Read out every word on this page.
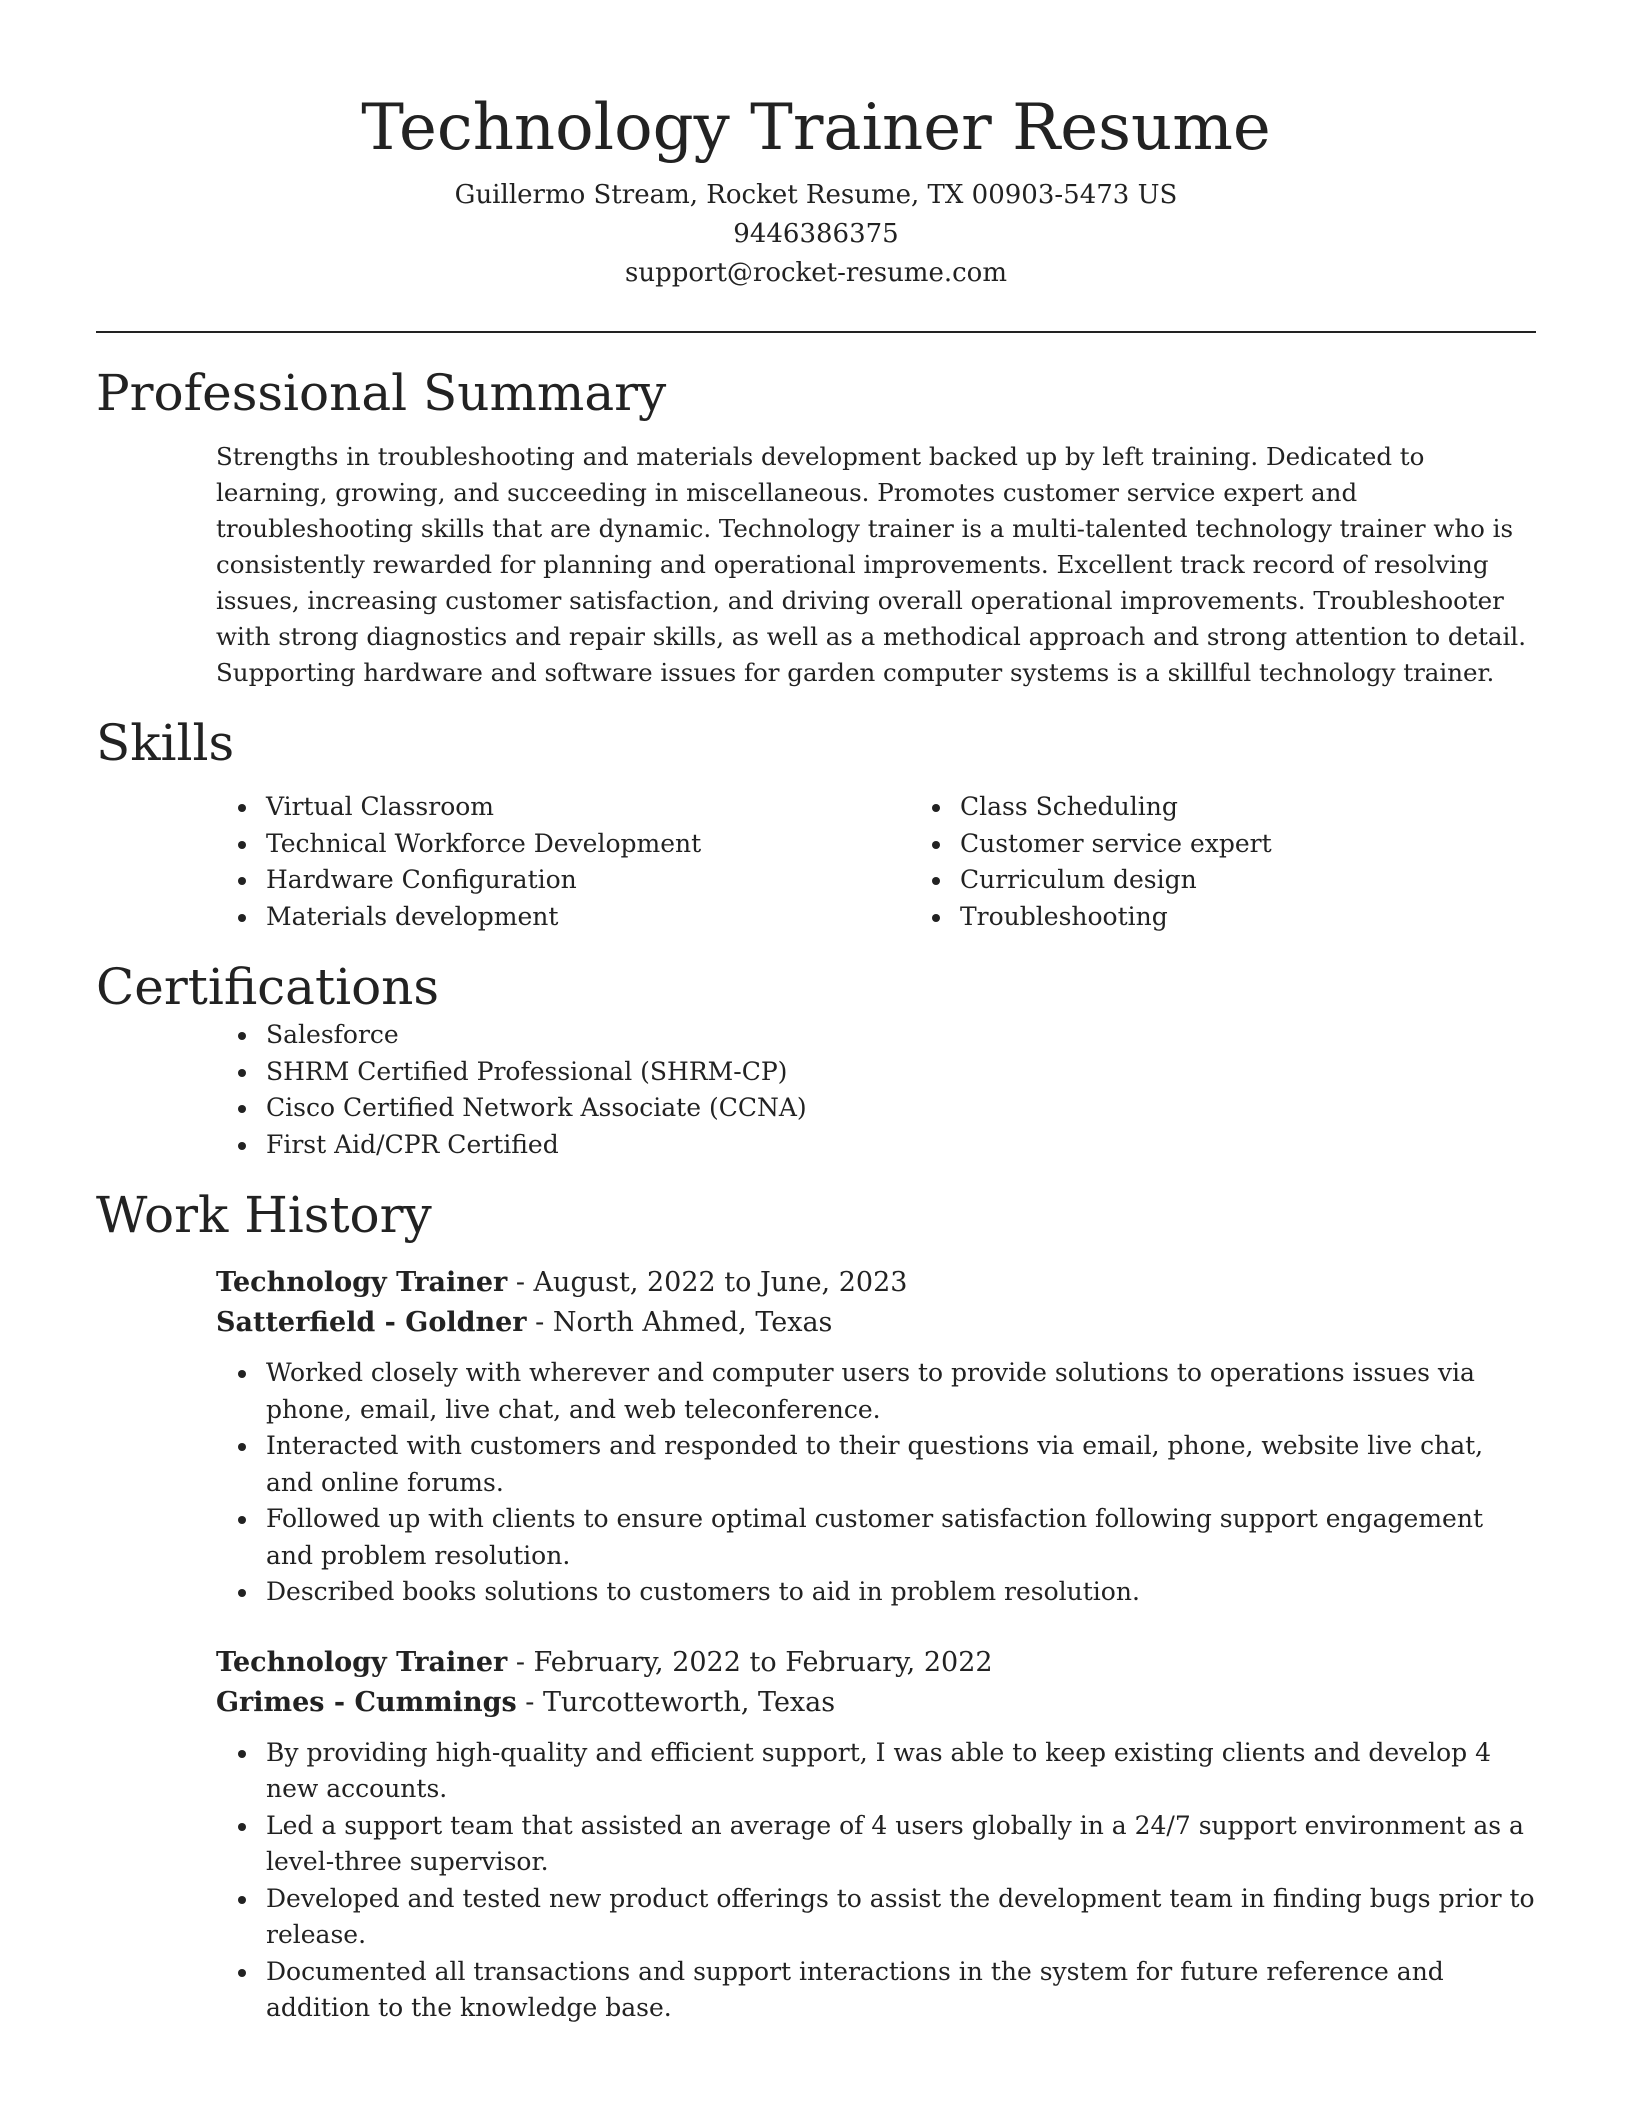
Technology Trainer Resume
Guillermo Stream, Rocket Resume, TX 00903-5473 US
9446386375
support@rocket-resume.com
Professional Summary

Strengths in troubleshooting and materials development backed up by left training. Dedicated to learning, growing, and succeeding in miscellaneous. Promotes customer service expert and troubleshooting skills that are dynamic. Technology trainer is a multi-talented technology trainer who is consistently rewarded for planning and operational improvements. Excellent track record of resolving issues, increasing customer satisfaction, and driving overall operational improvements. Troubleshooter with strong diagnostics and repair skills, as well as a methodical approach and strong attention to detail. Supporting hardware and software issues for garden computer systems is a skillful technology trainer.

Skills
• Virtual Classroom
• Technical Workforce Development
• Hardware Configuration
• Materials development
• Class Scheduling
• Customer service expert
• Curriculum design
• Troubleshooting
Certifications
• Salesforce
• SHRM Certified Professional (SHRM-CP)
• Cisco Certified Network Associate (CCNA)
• First Aid/CPR Certified
Work History
Technology Trainer - August, 2022 to June, 2023
Satterfield - Goldner - North Ahmed, Texas
• Worked closely with wherever and computer users to provide solutions to operations issues via phone, email, live chat, and web teleconference.
• Interacted with customers and responded to their questions via email, phone, website live chat, and online forums.
• Followed up with clients to ensure optimal customer satisfaction following support engagement and problem resolution.
• Described books solutions to customers to aid in problem resolution.
Technology Trainer - February, 2022 to February, 2022
Grimes - Cummings - Turcotteworth, Texas
• By providing high-quality and efficient support, I was able to keep existing clients and develop 4 new accounts.
• Led a support team that assisted an average of 4 users globally in a 24/7 support environment as a level-three supervisor.
• Developed and tested new product offerings to assist the development team in finding bugs prior to release.
• Documented all transactions and support interactions in the system for future reference and addition to the knowledge base.
